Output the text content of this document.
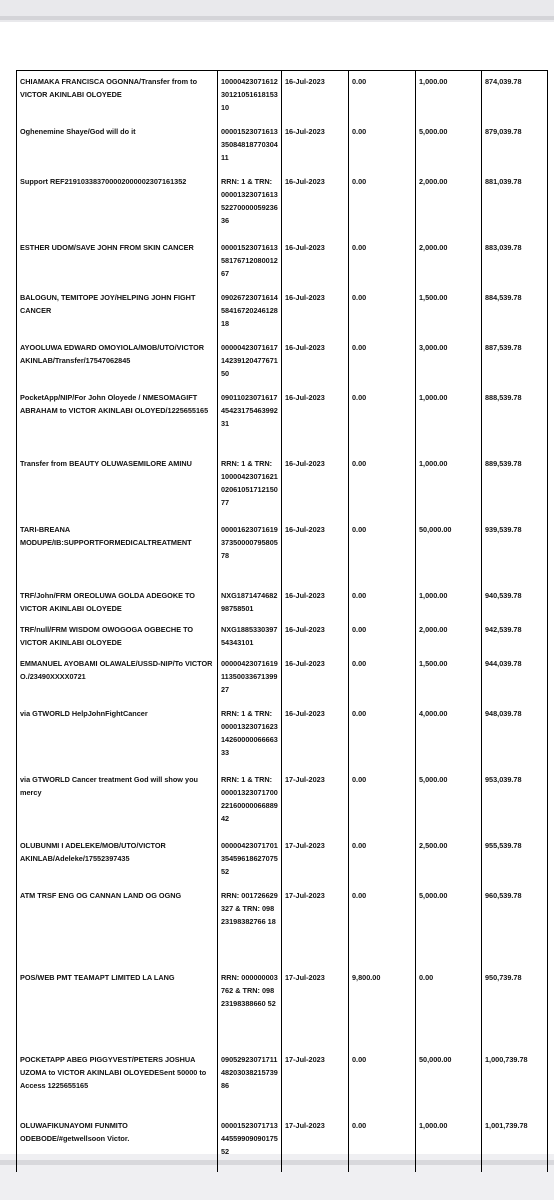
CHIAMAKA FRANCISCA OGONNA/Transfer from to VICTOR AKINLABI OLOYEDE	10000423071612 30121051618153 10	16-Jul-2023	0.00	1,000.00	874,039.78
Oghenemine Shaye/God will do it	00001523071613 35084818770304 11	16-Jul-2023	0.00	5,000.00	879,039.78
Support REF219103383700002000002307161352	RRN: 1 & TRN: 000013230716135227000005923636	16-Jul-2023	0.00	2,000.00	881,039.78
ESTHER UDOM/SAVE JOHN FROM SKIN CANCER	00001523071613 58176712080012 67	16-Jul-2023	0.00	2,000.00	883,039.78
BALOGUN, TEMITOPE JOY/HELPING JOHN FIGHT CANCER	09026723071614 58416720246128 18	16-Jul-2023	0.00	1,500.00	884,539.78
AYOOLUWA EDWARD OMOYIOLA/MOB/UTO/VICTOR AKINLAB/Transfer/17547062845	00000423071617 14239120477671 50	16-Jul-2023	0.00	3,000.00	887,539.78
PocketApp/NIP/For John Oloyede / NMESOMAGIFT ABRAHAM to VICTOR AKINLABI OLOYED/1225655165	09011023071617 45423175463992 31	16-Jul-2023	0.00	1,000.00	888,539.78
Transfer from BEAUTY OLUWASEMILORE AMINU	RRN: 1 & TRN: 10000423071621 02061051712150 77	16-Jul-2023	0.00	1,000.00	889,539.78
TARI-BREANA MODUPE/IB:SUPPORTFORMEDICALTREATMENT	00001623071619 37350000795805 78	16-Jul-2023	0.00	50,000.00	939,539.78
TRF/John/FRM OREOLUWA GOLDA ADEGOKE TO VICTOR AKINLABI OLOYEDE	NXG1871474682 98758501	16-Jul-2023	0.00	1,000.00	940,539.78
TRF/null/FRM WISDOM OWOGOGA OGBECHE TO VICTOR AKINLABI OLOYEDE	NXG1885330397 54343101	16-Jul-2023	0.00	2,000.00	942,539.78
EMMANUEL AYOBAMI OLAWALE/USSD-NIP/To VICTOR O./23490XXXX0721	00000423071619 11350033671399 27	16-Jul-2023	0.00	1,500.00	944,039.78
via GTWORLD HelpJohnFightCancer	RRN: 1 & TRN: 00001323071623 14260000066663 33	16-Jul-2023	0.00	4,000.00	948,039.78
via GTWORLD Cancer treatment God will show you mercy	RRN: 1 & TRN: 00001323071700 22160000066889 42	17-Jul-2023	0.00	5,000.00	953,039.78
OLUBUNMI I ADELEKE/MOB/UTO/VICTOR AKINLAB/Adeleke/17552397435	00000423071701 35459618627075 52	17-Jul-2023	0.00	2,500.00	955,539.78
ATM TRSF ENG OG CANNAN LAND OG OGNG	RRN: 001726629327 & TRN: 09823198382766 18	17-Jul-2023	0.00	5,000.00	960,539.78
POS/WEB PMT TEAMAPT LIMITED LA LANG	RRN: 000000003762 & TRN: 09823198388660 52	17-Jul-2023	9,800.00	0.00	950,739.78
POCKETAPP ABEG PIGGYVEST/PETERS JOSHUA UZOMA to VICTOR AKINLABI OLOYEDESent 50000 to Access 1225655165	09052923071711 48203038215739 86	17-Jul-2023	0.00	50,000.00	1,000,739.78
OLUWAFIKUNAYOMI FUNMITO ODEBODE/#getwellsoon Victor.	00001523071713 44559909090175 52	17-Jul-2023	0.00	1,000.00	1,001,739.78
